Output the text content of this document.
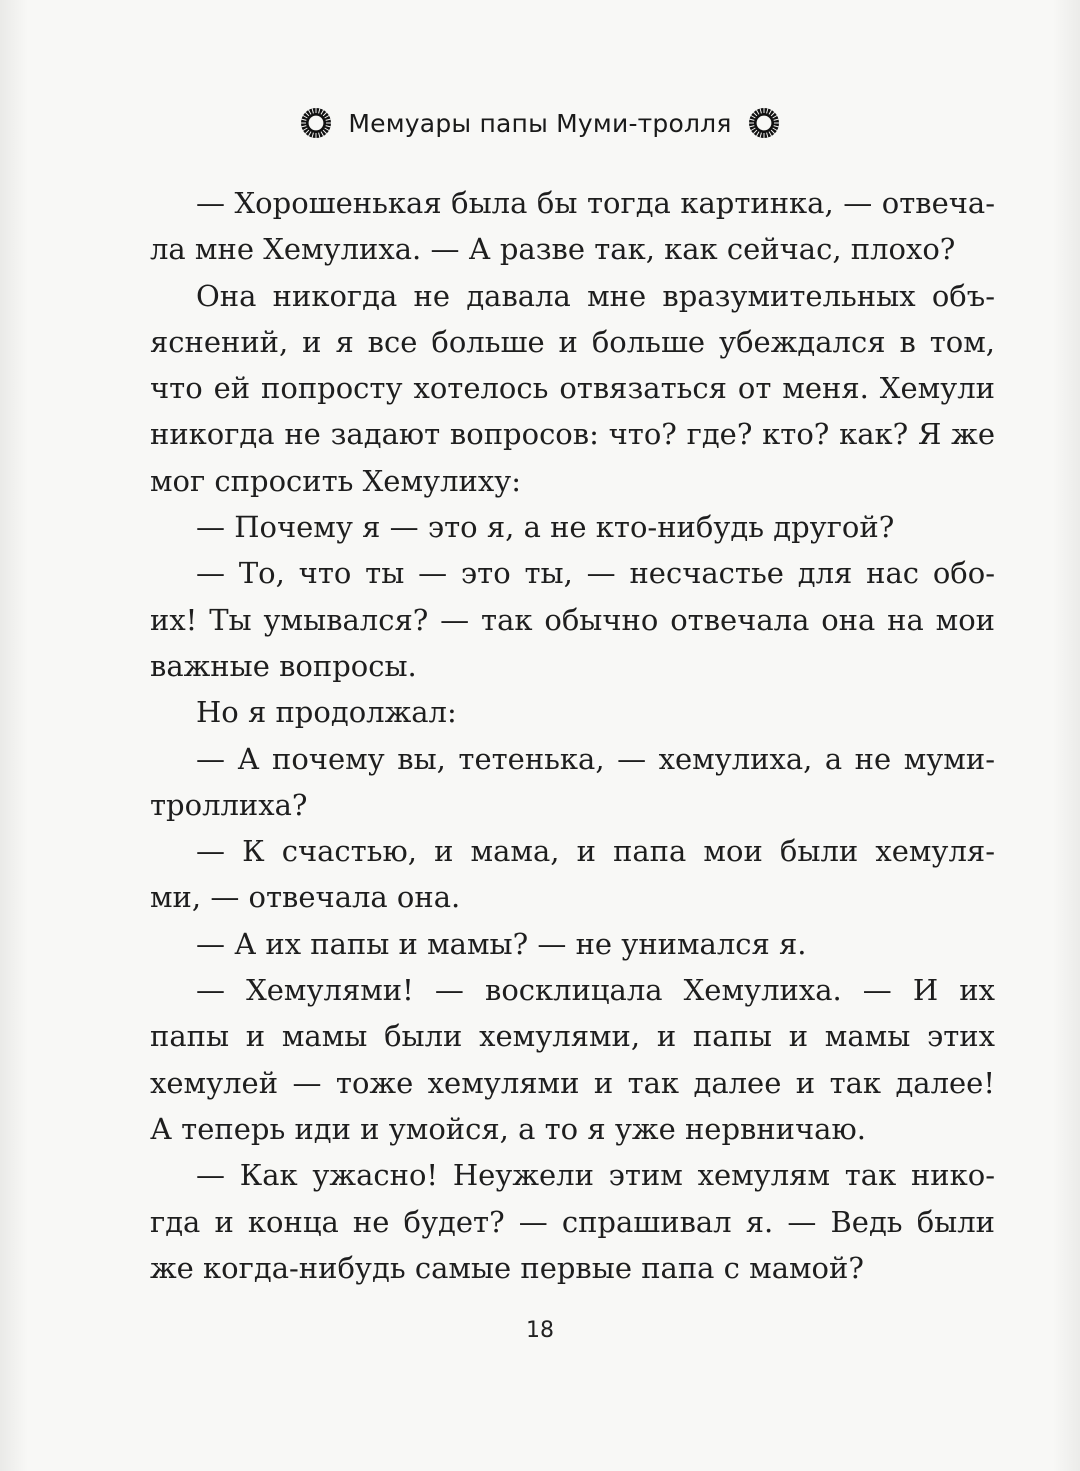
Мемуары папы Муми-тролля
— Хорошенькая была бы тогда картинка, — отвеча-
ла мне Хемулиха. — А разве так, как сейчас, плохо?
Она никогда не давала мне вразумительных объ-
яснений, и я все больше и больше убеждался в том,
что ей попросту хотелось отвязаться от меня. Хемули
никогда не задают вопросов: что? где? кто? как? Я же
мог спросить Хемулиху:
— Почему я — это я, а не кто-нибудь другой?
— То, что ты — это ты, — несчастье для нас обо-
их! Ты умывался? — так обычно отвечала она на мои
важные вопросы.
Но я продолжал:
— А почему вы, тетенька, — хемулиха, а не муми-
троллиха?
— К счастью, и мама, и папа мои были хемуля-
ми, — отвечала она.
— А их папы и мамы? — не унимался я.
— Хемулями! — восклицала Хемулиха. — И их
папы и мамы были хемулями, и папы и мамы этих
хемулей — тоже хемулями и так далее и так далее!
А теперь иди и умойся, а то я уже нервничаю.
— Как ужасно! Неужели этим хемулям так нико-
гда и конца не будет? — спрашивал я. — Ведь были
же когда-нибудь самые первые папа с мамой?
18
